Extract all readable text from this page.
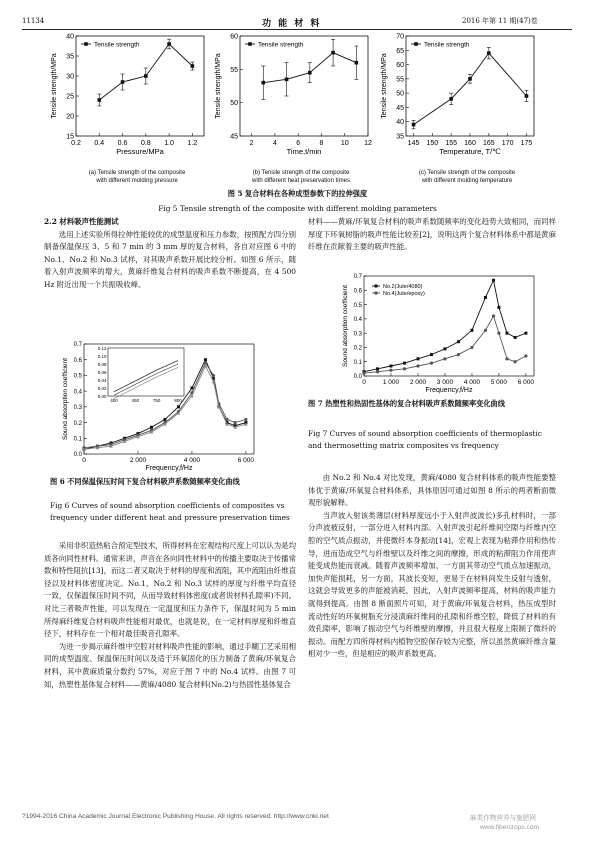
11134	功 能 材 料	2016 年第 11 期(47)卷
0.2 0.4 0.6 0.8 1.0 1.2
15
20
25
30
35
40
Pressure/MPa
Tensile strength/MPa
Tensile strength
2	4	6	8 10 12
45
50
55
60
Time,t/min
Tensile strength/MPa
Tensile strength
145 150 155 160 165 170 175
35
40
45
50
55
60
65
70
Temperature, T/℃
Tensile strength/MPa
Tensile strength
(a) Tensile strength of the composite
with different molding pressure
(b) Tensile strength of the composite
with different heat preservation times
(c) Tensile strength of the composite
with different molding temperature
图 5 复合材料在各种成型参数下的拉伸强度
Fig 5 Tensile strength of the composite with different molding parameters
2.2 材料吸声性能测试

选用上述实验所得拉伸性能较优的成型温度和压力参数，按照配方四分别制备保温保压 3、5 和 7 min 的 3 mm 厚的复合材料，各自对应图 6 中的 No.1、No.2 和 No.3 试样，对其吸声系数开展比较分析。如图 6 所示，随着入射声波频率的增大，黄麻纤维复合材料的吸声系数不断提高，在 4 500 Hz 附近出现一个共振吸收峰。

0	2 000	4 000	6 000
0.0
0.1
0.2
0.3
0.4
0.5
0.6
0.7
Frequency,f/Hz
Sound absorption coefficient	0.00
0.02
0.04
0.06
0.08
0.10
0.12
400	450	750	800
图 6 不同保温保压时间下复合材料吸声系数随频率变化曲线
Fig 6 Curves of sound absorption coefficients of composites vs frequency under different heat and pressure preservation times

采用非织造热粘合预定型技术，所得材料在宏观结构尺度上可以认为是均质各向同性材料。通常来讲，声音在各向同性材料中的传播主要取决于传播常数和特性阻抗[13]，而这二者又取决于材料的厚度和流阻，其中流阻由纤维直径以及材料体密度决定。No.1、No.2 和 No.3 试样的厚度与纤维平均直径一致，仅保温保压时间不同，从而导致材料体密度(或者说材料孔隙率)不同。对比三者吸声性能，可以发现在一定温度和压力条件下，保温时间为 5 min 所得麻纤维复合材料吸声性能相对最优，也就是说，在一定材料厚度和纤维直径下，材料存在一个相对最佳吸音孔隙率。

为进一步揭示麻纤维中空腔对材料吸声性能的影响，通过手糊工艺采用相同的成型温度、保温保压时间以及适于环氧固化的压力制备了黄麻/环氧复合材料，其中黄麻质量分数约 57%，对应于图 7 中的 No.4 试样。由图 7 可知，热塑性基体复合材料——黄麻/4080 复合材料(No.2)与热固性基体复合

材料——黄麻/环氧复合材料的吸声系数随频率的变化趋势大致相同，而同样厚度下环氧树脂的吸声性能比较差[2]，说明这两个复合材料体系中都是黄麻纤维在贡献着主要的吸声性能。

0	1 000 2 000 3 000 4 000 5 000 6 000
0.0
0.1
0.2
0.3
0.4
0.5
0.6
0.7
Frequency,f/Hz
Sound absorption coefficient	No.2(Jute/4080)
No.4(Jute/epoxy)
图 7 热塑性和热固性基体的复合材料吸声系数随频率变化曲线
Fig 7 Curves of sound absorption coefficients of thermoplastic and thermosetting matrix composites vs frequency

由 No.2 和 No.4 对比发现，黄麻/4080 复合材料体系的吸声性能要整体优于黄麻/环氧复合材料体系，具体原因可通过如图 8 所示的两者断面微观形貌解释。

当声波入射该类薄层(材料厚度远小于入射声波波长)多孔材料时，一部分声波被反射，一部分进入材料内部。入射声波引起纤维间空隙与纤维内空腔的空气质点振动，并使微纤本身振动[14]，宏观上表现为粘滞作用和热传导，进而造成空气与纤维壁以及纤维之间的摩擦，形成的粘滞阻力作用使声能变成热能而衰减。随着声波频率增加，一方面其带动空气质点加速振动，加快声能损耗，另一方面，其波长变短，更易于在材料间发生反射与透射，这就会导致更多的声能被消耗，因此，入射声波频率提高，材料的吸声能力就得到提高。由图 8 断面照片可知，对于黄麻/环氧复合材料，热压成型时流动性好的环氧树脂充分浸渍麻纤维间的孔隙和纤维空腔，降低了材料的有效孔隙率，影响了振动空气与纤维壁的摩擦，并且很大程度上限制了微纤的振动。而配方四所得材料内植物空腔保存较为完整，所以虽然黄麻纤维含量相对少一些，但是相应的吸声系数更高。

?1994-2016 China Academic Journal Electronic Publishing House. All rights reserved. http://www.cnki.net	麻类作物营养与施肥网
www.fibercrops.com
